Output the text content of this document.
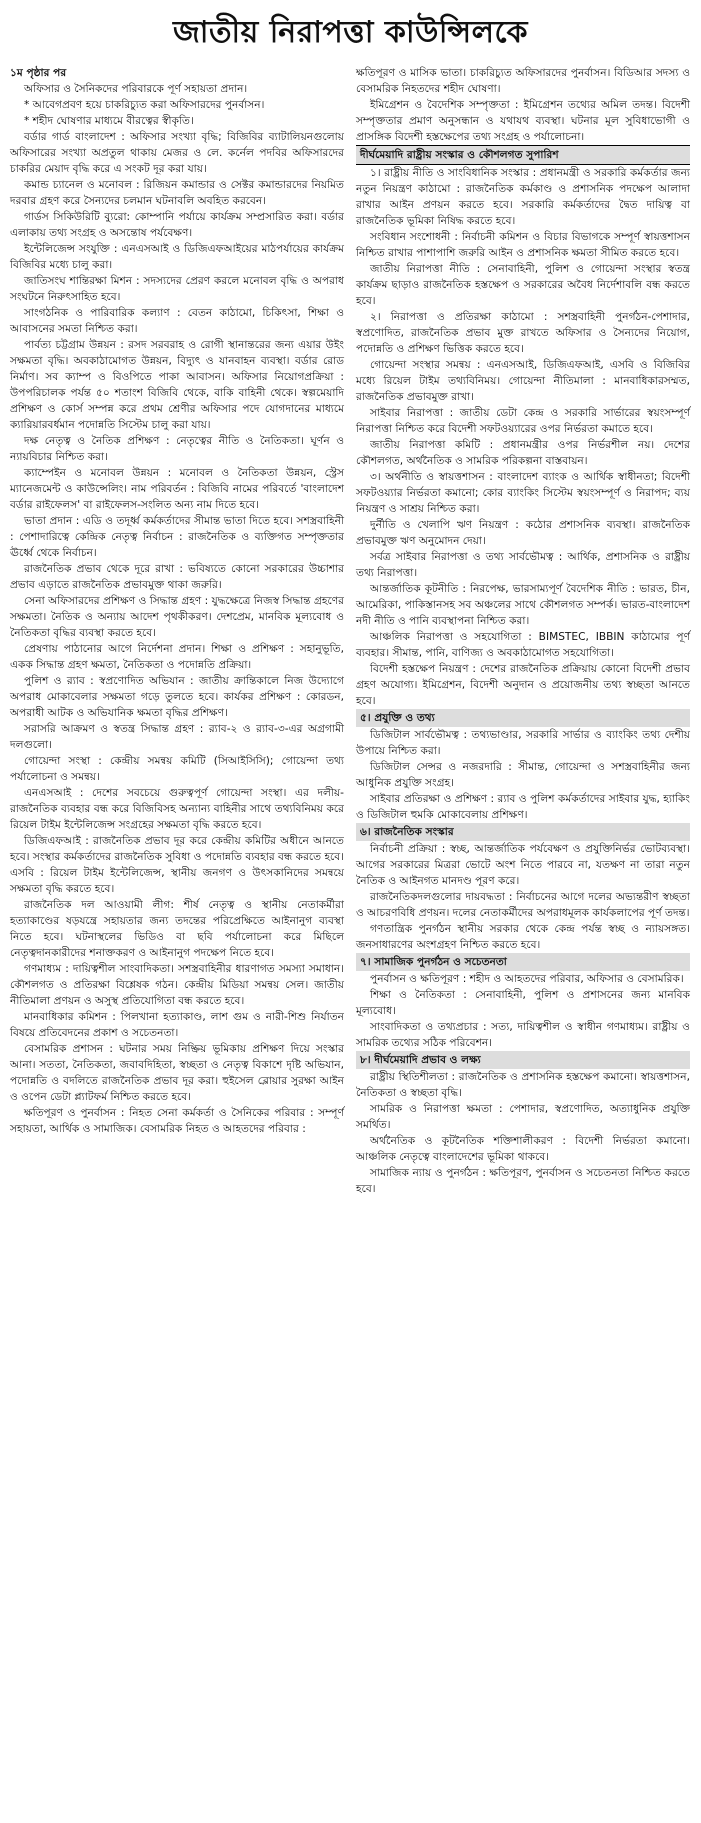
জাতীয় নিরাপত্তা কাউন্সিলকে

১ম পৃষ্ঠার পর

অফিসার ও সৈনিকদের পরিবারকে পূর্ণ সহায়তা প্রদান।

* আবেগপ্রবণ হয়ে চাকরিচ্যুত করা অফিসারদের পুনর্বাসন।

* শহীদ ঘোষণার মাধ্যমে বীরত্বের স্বীকৃতি।

বর্ডার গার্ড বাংলাদেশ : অফিসার সংখ্যা বৃদ্ধি; বিজিবির ব্যাটালিয়নগুলোয় অফিসারের সংখ্যা অপ্রতুল থাকায় মেজর ও লে. কর্নেল পদবির অফিসারদের চাকরির মেয়াদ বৃদ্ধি করে এ সংকট দূর করা যায়।

কমান্ড চ্যানেল ও মনোবল : রিজিয়ন কমান্ডার ও সেক্টর কমান্ডারদের নিয়মিত দরবার গ্রহণ করে সৈন্যদের চলমান ঘটনাবলি অবহিত করবেন।

গার্ডস সিকিউরিটি ব্যুরো: কোম্পানি পর্যায়ে কার্যক্রম সম্প্রসারিত করা। বর্ডার এলাকায় তথ্য সংগ্রহ ও অসন্তোষ পর্যবেক্ষণ।

ইন্টেলিজেন্স সংযুক্তি : এনএসআই ও ডিজিএফআইয়ের মাঠপর্যায়ের কার্যক্রম বিজিবির মধ্যে চালু করা।

জাতিসংঘ শান্তিরক্ষা মিশন : সদস্যদের প্রেরণ করলে মনোবল বৃদ্ধি ও অপরাধ সংঘটনে নিরুৎসাহিত হবে।

সাংগঠনিক ও পারিবারিক কল্যাণ : বেতন কাঠামো, চিকিৎসা, শিক্ষা ও আবাসনের সমতা নিশ্চিত করা।

পার্বত্য চট্টগ্রাম উন্নয়ন : রসদ সরবরাহ ও রোগী স্থানান্তরের জন্য এয়ার উইং সক্ষমতা বৃদ্ধি। অবকাঠামোগত উন্নয়ন, বিদ্যুৎ ও যানবাহন ব্যবস্থা। বর্ডার রোড নির্মাণ। সব ক্যাম্প ও বিওপিতে পাকা আবাসন। অফিসার নিয়োগপ্রক্রিয়া : উপপরিচালক পর্যন্ত ৫০ শতাংশ বিজিবি থেকে, বাকি বাহিনী থেকে। স্বল্পমেয়াদি প্রশিক্ষণ ও কোর্স সম্পন্ন করে প্রথম শ্রেণীর অফিসার পদে যোগদানের মাধ্যমে ক্যারিয়ারবর্ধমান পদোন্নতি সিস্টেম চালু করা যায়।

দক্ষ নেতৃত্ব ও নৈতিক প্রশিক্ষণ : নেতৃত্বের নীতি ও নৈতিকতা। ঘূর্ণন ও ন্যায়বিচার নিশ্চিত করা।

ক্যাম্পেইন ও মনোবল উন্নয়ন : মনোবল ও নৈতিকতা উন্নয়ন, স্ট্রেস ম্যানেজমেন্ট ও কাউন্সেলিং। নাম পরিবর্তন : বিজিবি নামের পরিবর্তে 'বাংলাদেশ বর্ডার রাইফেলস' বা রাইফেলস-সংলিত অন্য নাম দিতে হবে।

ভাতা প্রদান : এডি ও তদূর্ধ্ব কর্মকর্তাদের সীমান্ত ভাতা দিতে হবে। সশস্ত্রবাহিনী : পেশাদারিত্বে কেন্দ্রিক নেতৃত্ব নির্বাচন : রাজনৈতিক ও ব্যক্তিগত সম্পৃক্ততার ঊর্ধ্বে থেকে নির্বাচন।

রাজনৈতিক প্রভাব থেকে দূরে রাখা : ভবিষ্যতে কোনো সরকারের উচ্চাশার প্রভাব এড়াতে রাজনৈতিক প্রভাবমুক্ত থাকা জরুরি।

সেনা অফিসারদের প্রশিক্ষণ ও সিদ্ধান্ত গ্রহণ : যুদ্ধক্ষেত্রে নিজস্ব সিদ্ধান্ত গ্রহণের সক্ষমতা। নৈতিক ও অন্যায় আদেশ পৃথকীকরণ। দেশপ্রেম, মানবিক মূল্যবোধ ও নৈতিকতা বৃদ্ধির ব্যবস্থা করতে হবে।

প্রেষণায় পাঠানোর আগে নির্দেশনা প্রদান। শিক্ষা ও প্রশিক্ষণ : সহানুভূতি, একক সিদ্ধান্ত গ্রহণ ক্ষমতা, নৈতিকতা ও পদোন্নতি প্রক্রিয়া।

পুলিশ ও র‌্যাব : স্বপ্রণোদিত অভিযান : জাতীয় ক্রান্তিকালে নিজ উদ্যোগে অপরাধ মোকাবেলার সক্ষমতা গড়ে তুলতে হবে। কার্যকর প্রশিক্ষণ : কোরডন, অপরাধী আটক ও অভিযানিক ক্ষমতা বৃদ্ধির প্রশিক্ষণ।

সরাসরি আক্রমণ ও স্বতন্ত্র সিদ্ধান্ত গ্রহণ : র‌্যাব-২ ও র‌্যাব-৩-এর অগ্রগামী দলগুলো।

গোয়েন্দা সংস্থা : কেন্দ্রীয় সমন্বয় কমিটি (সিআইসিসি); গোয়েন্দা তথ্য পর্যালোচনা ও সমন্বয়।

এনএসআই : দেশের সবচেয়ে গুরুত্বপূর্ণ গোয়েন্দা সংস্থা। এর দলীয়-রাজনৈতিক ব্যবহার বন্ধ করে বিজিবিসহ অন্যান্য বাহিনীর সাথে তথ্যবিনিময় করে রিয়েল টাইম ইন্টেলিজেন্স সংগ্রহের সক্ষমতা বৃদ্ধি করতে হবে।

ডিজিএফআই : রাজনৈতিক প্রভাব দূর করে কেন্দ্রীয় কমিটির অধীনে আনতে হবে। সংস্থার কর্মকর্তাদের রাজনৈতিক সুবিধা ও পদোন্নতি ব্যবহার বন্ধ করতে হবে। এসবি : রিয়েল টাইম ইন্টেলিজেন্স, স্থানীয় জনগণ ও উৎসকানিদের সমন্বয়ে সক্ষমতা বৃদ্ধি করতে হবে।

রাজনৈতিক দল আওয়ামী লীগ: শীর্ষ নেতৃত্ব ও স্থানীয় নেতাকর্মীরা হত্যাকাণ্ডের ষড়যন্ত্রে সহায়তার জন্য তদন্তের পরিপ্রেক্ষিতে আইনানুগ ব্যবস্থা নিতে হবে। ঘটনাস্থলের ভিডিও বা ছবি পর্যালোচনা করে মিছিলে নেতৃত্বদানকারীদের শনাক্তকরণ ও আইনানুগ পদক্ষেপ নিতে হবে।

গণমাধ্যম : দায়িত্বশীল সাংবাদিকতা। সশস্ত্রবাহিনীর ধারণাগত সমস্যা সমাধান। কৌশলগত ও প্রতিরক্ষা বিশ্লেষক গঠন। কেন্দ্রীয় মিডিয়া সমন্বয় সেল। জাতীয় নীতিমালা প্রণয়ন ও অসুস্থ প্রতিযোগিতা বন্ধ করতে হবে।

মানবাধিকার কমিশন : পিলখানা হত্যাকাণ্ড, লাশ গুম ও নারী-শিশু নির্যাতন বিষয়ে প্রতিবেদনের প্রকাশ ও সচেতনতা।

বেসামরিক প্রশাসন : ঘটনার সময় নিষ্ক্রিয় ভূমিকায় প্রশিক্ষণ দিয়ে সংস্কার আনা। সততা, নৈতিকতা, জবাবদিহিতা, স্বচ্ছতা ও নেতৃত্ব বিকাশে দৃষ্টি অভিযান, পদোন্নতি ও বদলিতে রাজনৈতিক প্রভাব দূর করা। হুইসেল ব্লোয়ার সুরক্ষা আইন ও ওপেন ডেটা প্ল্যাটফর্ম নিশ্চিত করতে হবে।

ক্ষতিপূরণ ও পুনর্বাসন : নিহত সেনা কর্মকর্তা ও সৈনিকের পরিবার : সম্পূর্ণ সহায়তা, আর্থিক ও সামাজিক। বেসামরিক নিহত ও আহতদের পরিবার :

ক্ষতিপূরণ ও মাসিক ভাতা। চাকরিচ্যুত অফিসারদের পুনর্বাসন। বিডিআর সদস্য ও বেসামরিক নিহতদের শহীদ ঘোষণা।

ইমিগ্রেশন ও বৈদেশিক সম্পৃক্ততা : ইমিগ্রেশন তথ্যের অমিল তদন্ত। বিদেশী সম্পৃক্ততার প্রমাণ অনুসন্ধান ও যথাযথ ব্যবস্থা। ঘটনার মূল সুবিধাভোগী ও প্রাসঙ্গিক বিদেশী হস্তক্ষেপের তথ্য সংগ্রহ ও পর্যালোচনা।

দীর্ঘমেয়াদি রাষ্ট্রীয় সংস্কার ও কৌশলগত সুপারিশ

১। রাষ্ট্রীয় নীতি ও সাংবিধানিক সংস্কার : প্রধানমন্ত্রী ও সরকারি কর্মকর্তার জন্য নতুন নিয়ন্ত্রণ কাঠামো : রাজনৈতিক কর্মকাণ্ড ও প্রশাসনিক পদক্ষেপ আলাদা রাখার আইন প্রণয়ন করতে হবে। সরকারি কর্মকর্তাদের দ্বৈত দায়িত্ব বা রাজনৈতিক ভূমিকা নিষিদ্ধ করতে হবে।

সংবিধান সংশোধনী : নির্বাচনী কমিশন ও বিচার বিভাগকে সম্পূর্ণ স্বায়ত্তশাসন নিশ্চিত রাখার পাশাপাশি জরুরি আইন ও প্রশাসনিক ক্ষমতা সীমিত করতে হবে।

জাতীয় নিরাপত্তা নীতি : সেনাবাহিনী, পুলিশ ও গোয়েন্দা সংস্থার স্বতন্ত্র কার্যক্রম ছাড়াও রাজনৈতিক হস্তক্ষেপ ও সরকারের অবৈধ নির্দেশাবলি বন্ধ করতে হবে।

২। নিরাপত্তা ও প্রতিরক্ষা কাঠামো : সশস্ত্রবাহিনী পুনর্গঠন-পেশাদার, স্বপ্রণোদিত, রাজনৈতিক প্রভাব মুক্ত রাখতে অফিসার ও সৈন্যদের নিয়োগ, পদোন্নতি ও প্রশিক্ষণ ভিত্তিক করতে হবে।

গোয়েন্দা সংস্থার সমন্বয় : এনএসআই, ডিজিএফআই, এসবি ও বিজিবির মধ্যে রিয়েল টাইম তথ্যবিনিময়। গোয়েন্দা নীতিমালা : মানবাধিকারসম্মত, রাজনৈতিক প্রভাবমুক্ত রাখা।

সাইবার নিরাপত্তা : জাতীয় ডেটা কেন্দ্র ও সরকারি সার্ভারের স্বয়ংসম্পূর্ণ নিরাপত্তা নিশ্চিত করে বিদেশী সফটওয়্যারের ওপর নির্ভরতা কমাতে হবে।

জাতীয় নিরাপত্তা কমিটি : প্রধানমন্ত্রীর ওপর নির্ভরশীল নয়। দেশের কৌশলগত, অর্থনৈতিক ও সামরিক পরিকল্পনা বাস্তবায়ন।

৩। অর্থনীতি ও স্বায়ত্তশাসন : বাংলাদেশ ব্যাংক ও আর্থিক স্বাধীনতা; বিদেশী সফটওয়্যার নির্ভরতা কমানো; কোর ব্যাংকিং সিস্টেম স্বয়ংসম্পূর্ণ ও নিরাপদ; ব্যয় নিয়ন্ত্রণ ও সাশ্রয় নিশ্চিত করা।

দুর্নীতি ও খেলাপি ঋণ নিয়ন্ত্রণ : কঠোর প্রশাসনিক ব্যবস্থা। রাজনৈতিক প্রভাবমুক্ত ঋণ অনুমোদন দেয়া।

সর্বত্র সাইবার নিরাপত্তা ও তথ্য সার্বভৌমত্ব : আর্থিক, প্রশাসনিক ও রাষ্ট্রীয় তথ্য নিরাপত্তা।

আন্তর্জাতিক কূটনীতি : নিরপেক্ষ, ভারসাম্যপূর্ণ বৈদেশিক নীতি : ভারত, চীন, আমেরিকা, পাকিস্তানসহ সব অঞ্চলের সাথে কৌশলগত সম্পর্ক। ভারত-বাংলাদেশ নদী নীতি ও পানি ব্যবস্থাপনা নিশ্চিত করা।

আঞ্চলিক নিরাপত্তা ও সহযোগিতা : BIMSTEC, IBBIN কাঠামোর পূর্ণ ব্যবহার। সীমান্ত, পানি, বাণিজ্য ও অবকাঠামোগত সহযোগিতা।

বিদেশী হস্তক্ষেপ নিয়ন্ত্রণ : দেশের রাজনৈতিক প্রক্রিয়ায় কোনো বিদেশী প্রভাব গ্রহণ অযোগ্য। ইমিগ্রেশন, বিদেশী অনুদান ও প্রয়োজনীয় তথ্য স্বচ্ছতা আনতে হবে।

৫। প্রযুক্তি ও তথ্য

ডিজিটাল সার্বভৌমত্ব : তথ্যভাণ্ডার, সরকারি সার্ভার ও ব্যাংকিং তথ্য দেশীয় উপায়ে নিশ্চিত করা।

ডিজিটাল সেন্সর ও নজরদারি : সীমান্ত, গোয়েন্দা ও সশস্ত্রবাহিনীর জন্য আধুনিক প্রযুক্তি সংগ্রহ।

সাইবার প্রতিরক্ষা ও প্রশিক্ষণ : র‌্যাব ও পুলিশ কর্মকর্তাদের সাইবার যুদ্ধ, হ্যাকিং ও ডিজিটাল হুমকি মোকাবেলায় প্রশিক্ষণ।

৬। রাজনৈতিক সংস্কার

নির্বাচনী প্রক্রিয়া : স্বচ্ছ, আন্তর্জাতিক পর্যবেক্ষণ ও প্রযুক্তিনির্ভর ভোটব্যবস্থা। আগের সরকারের মিত্ররা ভোটে অংশ নিতে পারবে না, যতক্ষণ না তারা নতুন নৈতিক ও আইনগত মানদণ্ড পূরণ করে।

রাজনৈতিকদলগুলোর দায়বদ্ধতা : নির্বাচনের আগে দলের অভ্যন্তরীণ স্বচ্ছতা ও আচরণবিধি প্রণয়ন। দলের নেতাকর্মীদের অপরাধমূলক কার্যকলাপের পূর্ণ তদন্ত।

গণতান্ত্রিক পুনর্গঠন স্থানীয় সরকার থেকে কেন্দ্র পর্যন্ত স্বচ্ছ ও ন্যায়সঙ্গত। জনসাধারণের অংশগ্রহণ নিশ্চিত করতে হবে।

৭। সামাজিক পুনর্গঠন ও সচেতনতা

পুনর্বাসন ও ক্ষতিপূরণ : শহীদ ও আহতদের পরিবার, অফিসার ও বেসামরিক।

শিক্ষা ও নৈতিকতা : সেনাবাহিনী, পুলিশ ও প্রশাসনের জন্য মানবিক মূল্যবোধ।

সাংবাদিকতা ও তথ্যপ্রচার : সত্য, দায়িত্বশীল ও স্বাধীন গণমাধ্যম। রাষ্ট্রীয় ও সামরিক তথ্যের সঠিক পরিবেশন।

৮। দীর্ঘমেয়াদি প্রভাব ও লক্ষ্য

রাষ্ট্রীয় স্থিতিশীলতা : রাজনৈতিক ও প্রশাসনিক হস্তক্ষেপ কমানো। স্বায়ত্তশাসন, নৈতিকতা ও স্বচ্ছতা বৃদ্ধি।

সামরিক ও নিরাপত্তা ক্ষমতা : পেশাদার, স্বপ্রণোদিত, অত্যাধুনিক প্রযুক্তি সমর্থিত।

অর্থনৈতিক ও কূটনৈতিক শক্তিশালীকরণ : বিদেশী নির্ভরতা কমানো। আঞ্চলিক নেতৃত্বে বাংলাদেশের ভূমিকা থাকবে।

সামাজিক ন্যায় ও পুনর্গঠন : ক্ষতিপূরণ, পুনর্বাসন ও সচেতনতা নিশ্চিত করতে হবে।
